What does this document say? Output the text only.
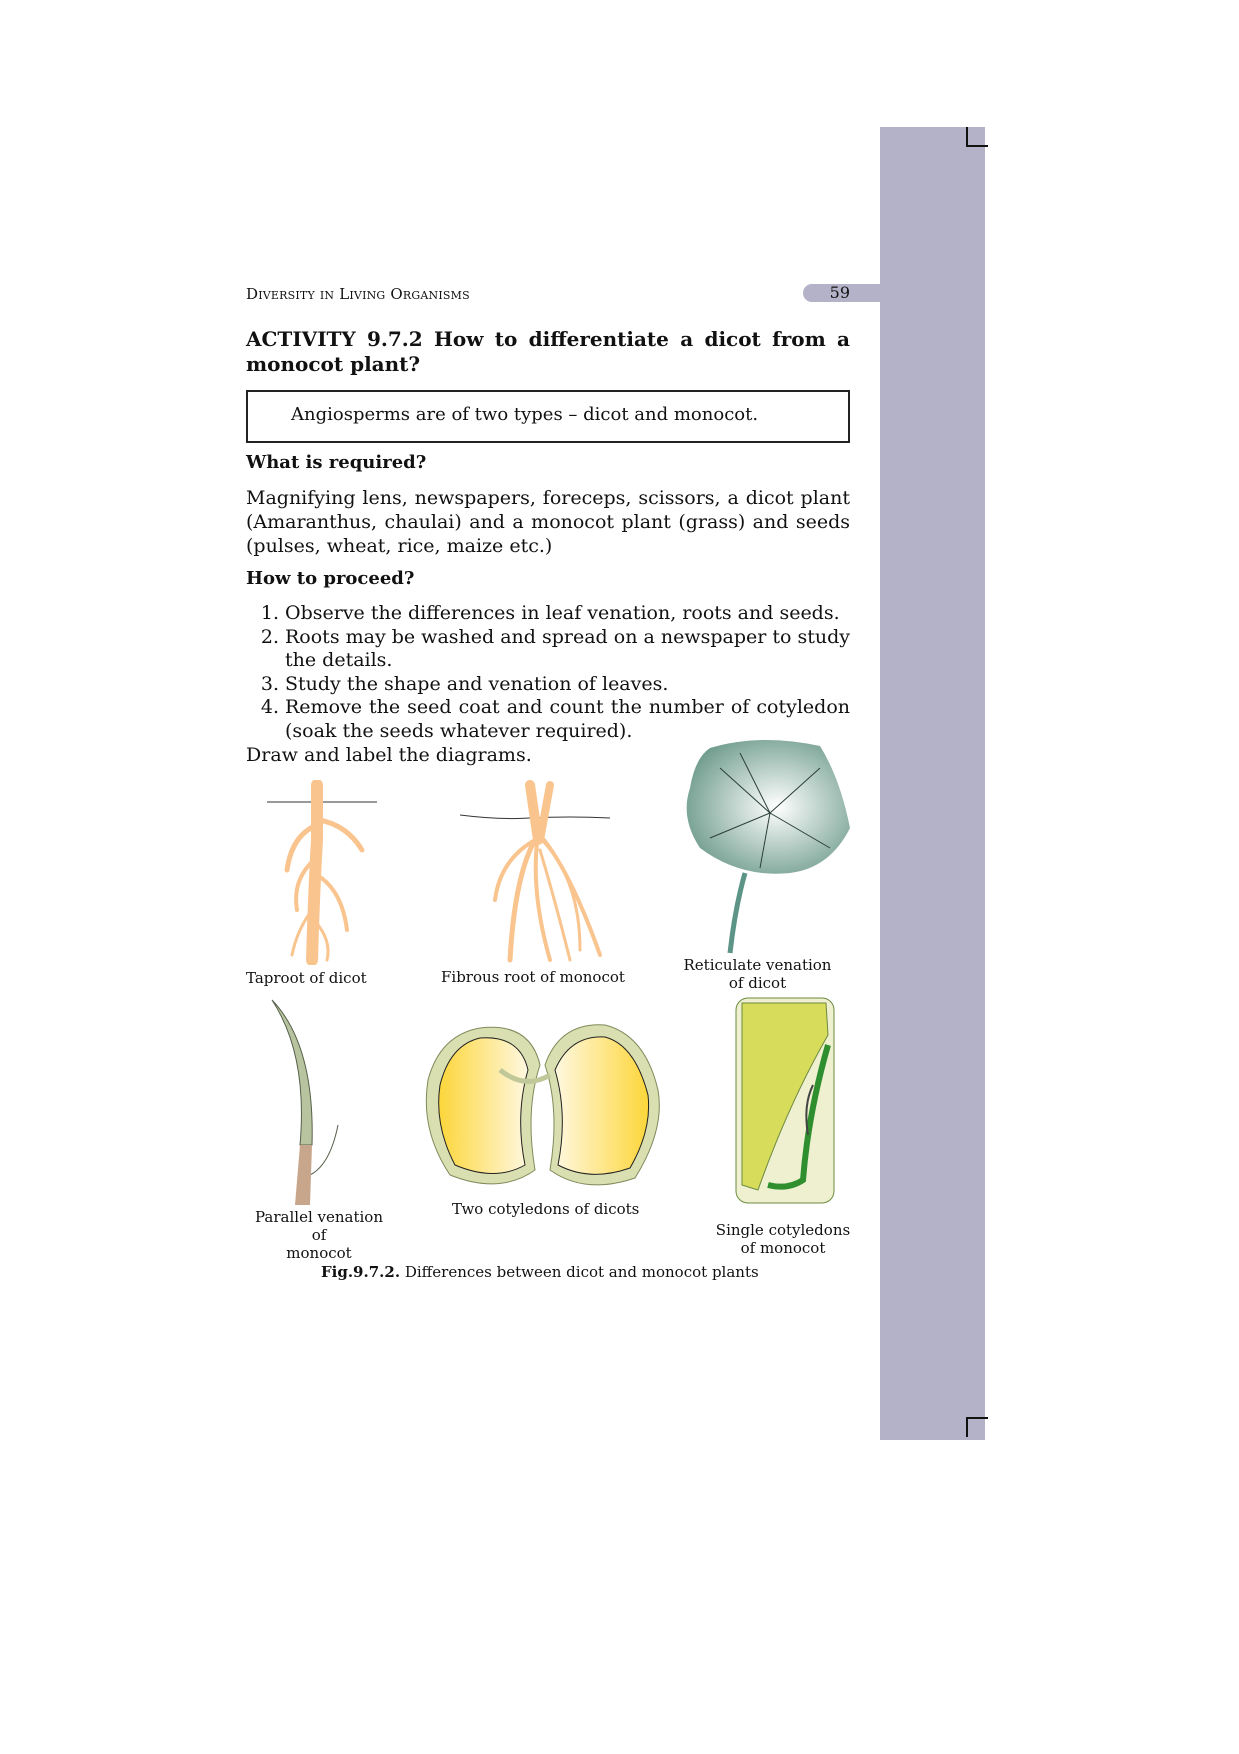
Diversity in Living Organisms	59
ACTIVITY 9.7.2 How to differentiate a dicot from a monocot plant?
Angiosperms are of two types – dicot and monocot.
What is required?
Magnifying lens, newspapers, foreceps, scissors, a dicot plant (Amaranthus, chaulai) and a monocot plant (grass) and seeds (pulses, wheat, rice, maize etc.)
How to proceed?
1. Observe the differences in leaf venation, roots and seeds.
2. Roots may be washed and spread on a newspaper to study the details.
3. Study the shape and venation of leaves.
4. Remove the seed coat and count the number of cotyledon (soak the seeds whatever required).
Draw and label the diagrams.
Taproot of dicot	Fibrous root of monocot
Reticulate venation
of dicot
Parallel venation of
monocot
Two cotyledons of dicots
Single cotyledons
of monocot
Fig.9.7.2. Differences between dicot and monocot plants
